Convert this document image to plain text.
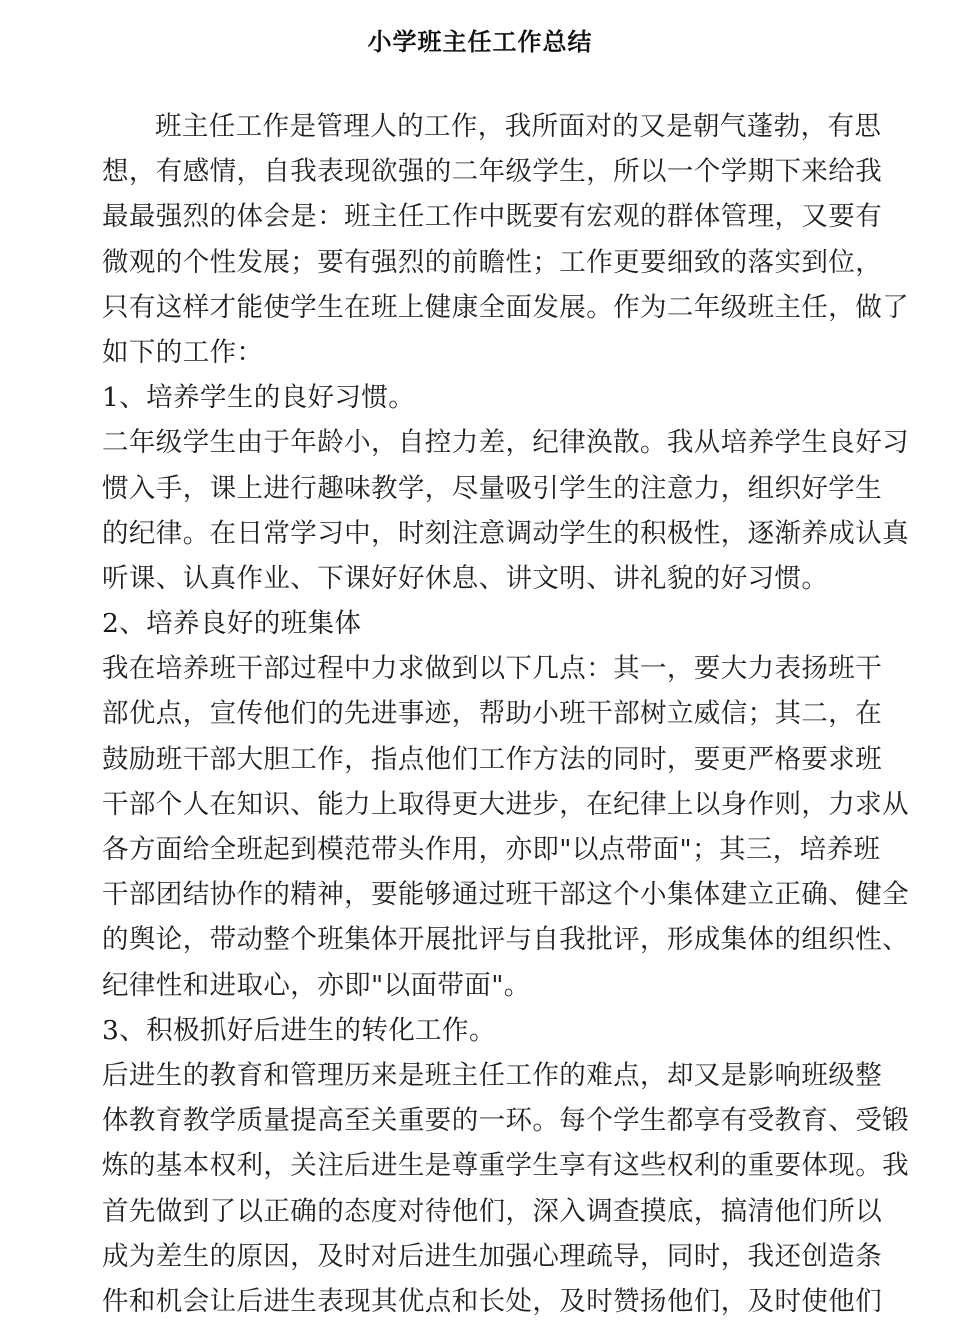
小学班主任工作总结
班主任工作是管理人的工作，我所面对的又是朝气蓬勃，有思
想，有感情，自我表现欲强的二年级学生，所以一个学期下来给我
最最强烈的体会是：班主任工作中既要有宏观的群体管理，又要有
微观的个性发展；要有强烈的前瞻性；工作更要细致的落实到位，
只有这样才能使学生在班上健康全面发展。作为二年级班主任，做了
如下的工作：
1、培养学生的良好习惯。
二年级学生由于年龄小，自控力差，纪律涣散。我从培养学生良好习
惯入手，课上进行趣味教学，尽量吸引学生的注意力，组织好学生
的纪律。在日常学习中，时刻注意调动学生的积极性，逐渐养成认真
听课、认真作业、下课好好休息、讲文明、讲礼貌的好习惯。
2、培养良好的班集体
我在培养班干部过程中力求做到以下几点：其一，要大力表扬班干
部优点，宣传他们的先进事迹，帮助小班干部树立威信；其二，在
鼓励班干部大胆工作，指点他们工作方法的同时，要更严格要求班
干部个人在知识、能力上取得更大进步，在纪律上以身作则，力求从
各方面给全班起到模范带头作用，亦即"以点带面"；其三，培养班
干部团结协作的精神，要能够通过班干部这个小集体建立正确、健全
的舆论，带动整个班集体开展批评与自我批评，形成集体的组织性、
纪律性和进取心，亦即"以面带面"。
3、积极抓好后进生的转化工作。
后进生的教育和管理历来是班主任工作的难点，却又是影响班级整
体教育教学质量提高至关重要的一环。每个学生都享有受教育、受锻
炼的基本权利，关注后进生是尊重学生享有这些权利的重要体现。我
首先做到了以正确的态度对待他们，深入调查摸底，搞清他们所以
成为差生的原因，及时对后进生加强心理疏导，同时，我还创造条
件和机会让后进生表现其优点和长处，及时赞扬他们，及时使他们
